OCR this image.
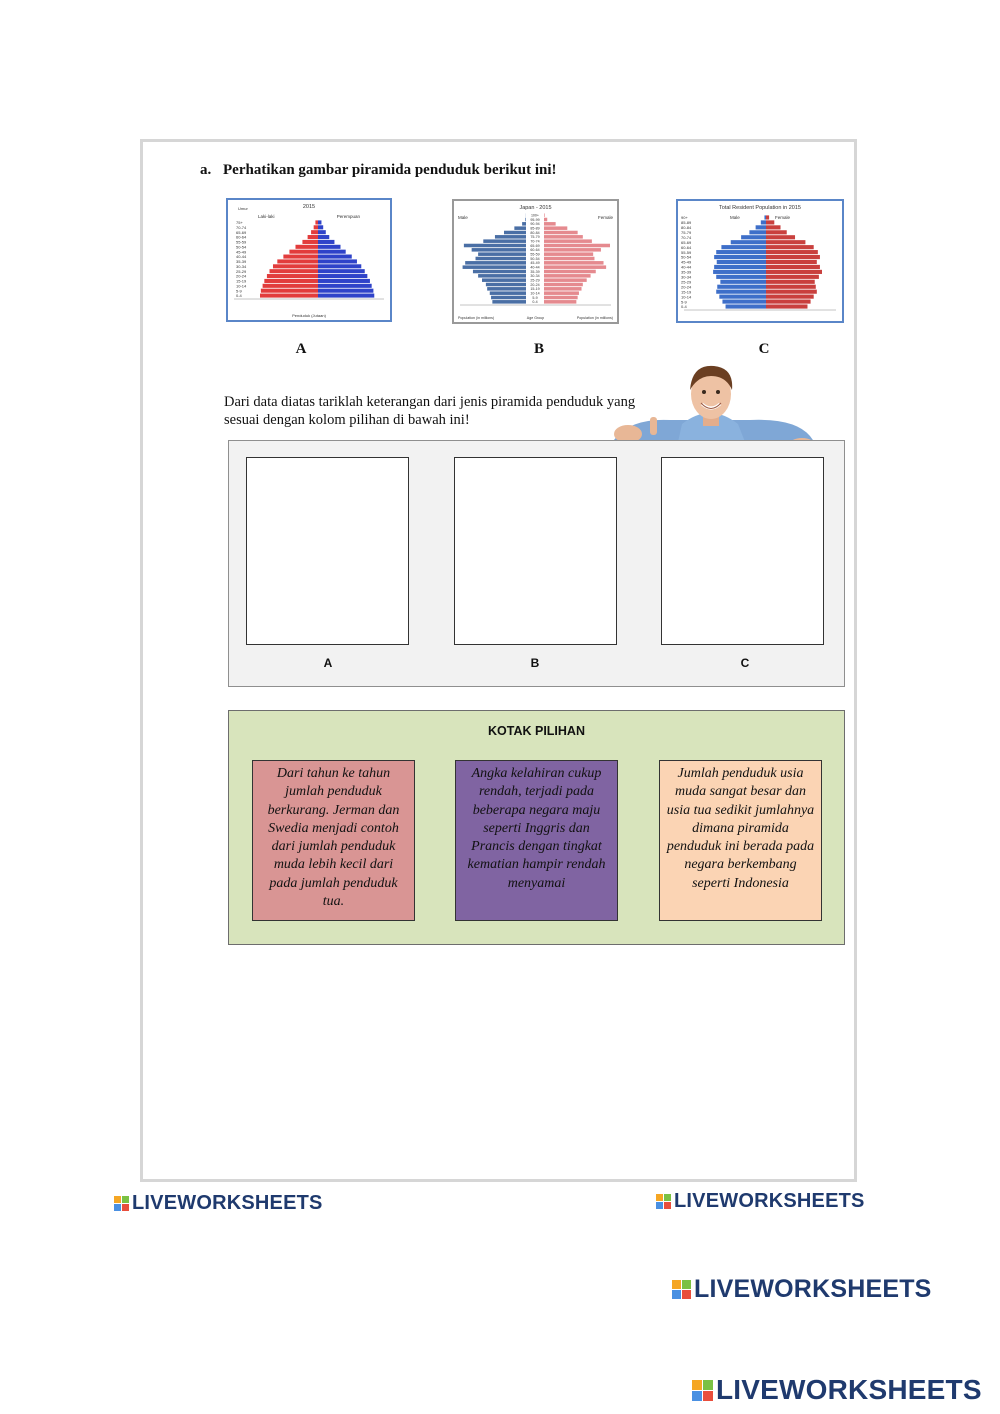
a. Perhatikan gambar piramida penduduk berikut ini!
2015
Laki-laki	Perempuan
Umur
75+
70-74
65-69
60-64
55-59
50-54
45-49
40-44
35-39
30-34
25-29
20-24
15-19
10-14
5-9
0-4
Penduduk (Jutaan)
A
Japan - 2015
Male	Female
100+
95-99
90-94
85-89
80-84
75-79
70-74
65-69
60-64
55-59
50-54
45-49
40-44
35-39
30-34
25-29
20-24
15-19
10-14
5-9
0-4
Population (in millions)	Age Group	Population (in millions)
B
Total Resident Population in 2015
Male	Female
90+
85-89
80-84
75-79
70-74
65-69
60-64
55-59
50-54
45-49
40-44
35-39
30-34
25-29
20-24
15-19
10-14
5-9
0-4
C
Dari data diatas tariklah keterangan dari jenis piramida penduduk yang sesuai dengan kolom pilihan di bawah ini!
A	B	C
KOTAK PILIHAN
Dari tahun ke tahun jumlah penduduk berkurang. Jerman dan Swedia menjadi contoh dari jumlah penduduk muda lebih kecil dari pada jumlah penduduk tua.
Angka kelahiran cukup rendah, terjadi pada beberapa negara maju seperti Inggris dan Prancis dengan tingkat kematian hampir rendah menyamai
Jumlah penduduk usia muda sangat besar dan usia tua sedikit jumlahnya dimana piramida penduduk ini berada pada negara berkembang seperti Indonesia
LIVEWORKSHEETS	LIVEWORKSHEETS
LIVEWORKSHEETS
LIVEWORKSHEETS
